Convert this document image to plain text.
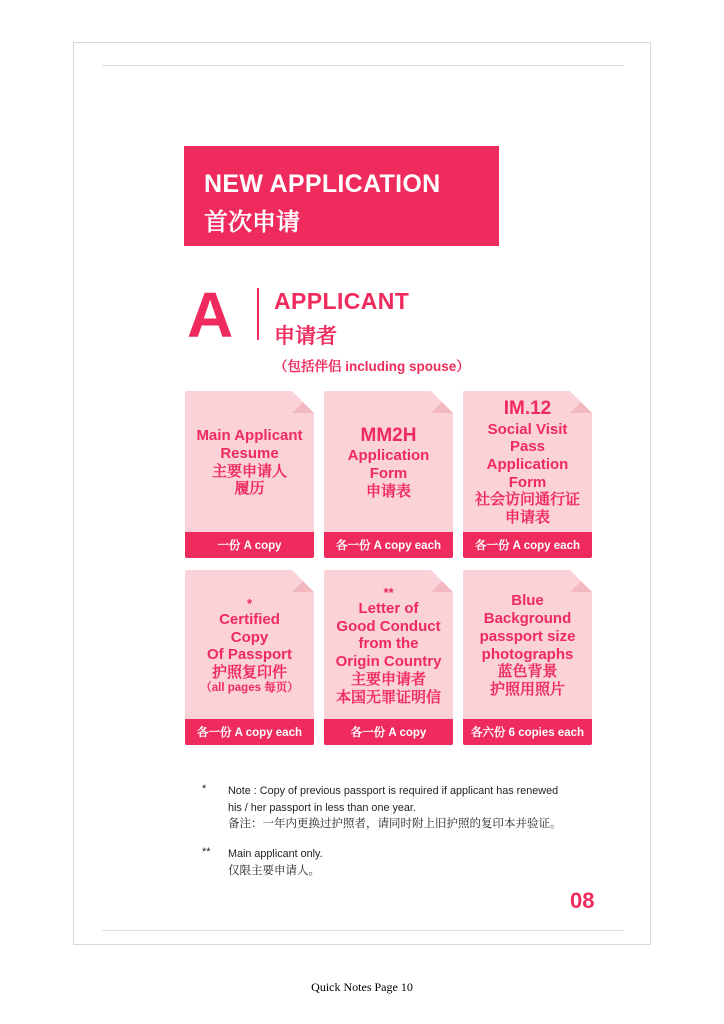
NEW APPLICATION
首次申请
A APPLICANT
申请者
（包括伴侣 including spouse）
Main Applicant
Resume
主要申请人
履历
一份 A copy
MM2H
Application
Form
申请表
各一份 A copy each
IM.12
Social Visit Pass
Application Form
社会访问通行证
申请表
各一份 A copy each
*
Certified
Copy
Of Passport
护照复印件
（all pages 每页）
各一份 A copy each
**
Letter of
Good Conduct
from the
Origin Country
主要申请者
本国无罪证明信
各一份 A copy
Blue Background
passport size
photographs
蓝色背景
护照用照片
各六份 6 copies each
*	Note : Copy of previous passport is required if applicant has renewed
his / her passport in less than one year.
备注：一年内更换过护照者，请同时附上旧护照的复印本并验证。
**	Main applicant only.
仅限主要申请人。
08
Quick Notes Page 10
